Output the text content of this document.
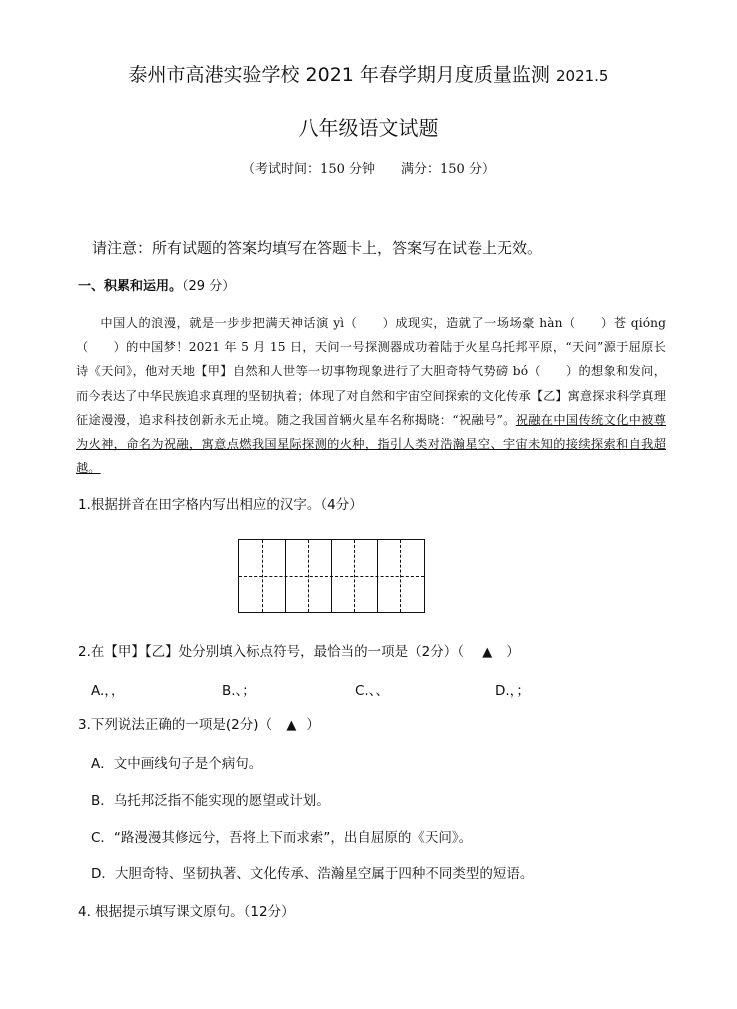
泰州市高港实验学校 2021 年春学期月度质量监测 2021.5
八年级语文试题
（考试时间：150 分钟 满分：150 分）
请注意：所有试题的答案均填写在答题卡上，答案写在试卷上无效。
一、积累和运用。（29 分）

中国人的浪漫，就是一步步把满天神话演 yì（　　）成现实，造就了一场场豪 hàn（　　）苍 qióng（　　）的中国梦！2021 年 5 月 15 日，天问一号探测器成功着陆于火星乌托邦平原，“天问”源于屈原长诗《天问》，他对天地【甲】自然和人世等一切事物现象进行了大胆奇特气势磅 bó（　　）的想象和发问，而今表达了中华民族追求真理的坚韧执着；体现了对自然和宇宙空间探索的文化传承【乙】寓意探求科学真理征途漫漫，追求科技创新永无止境。随之我国首辆火星车名称揭晓：“祝融号”。祝融在中国传统文化中被尊为火神，命名为祝融，寓意点燃我国星际探测的火种，指引人类对浩瀚星空、宇宙未知的接续探索和自我超越。

1.根据拼音在田字格内写出相应的汉字。（4分）
2.在【甲】【乙】处分别填入标点符号，最恰当的一项是（2分）（ ▲ ）
A.，，	B.、；	C.、、	D.，；
3.下列说法正确的一项是(2分)（ ▲ ）
A．文中画线句子是个病句。
B．乌托邦泛指不能实现的愿望或计划。
C．“路漫漫其修远兮，吾将上下而求索”，出自屈原的《天问》。
D．大胆奇特、坚韧执著、文化传承、浩瀚星空属于四种不同类型的短语。
4. 根据提示填写课文原句。（12分）
